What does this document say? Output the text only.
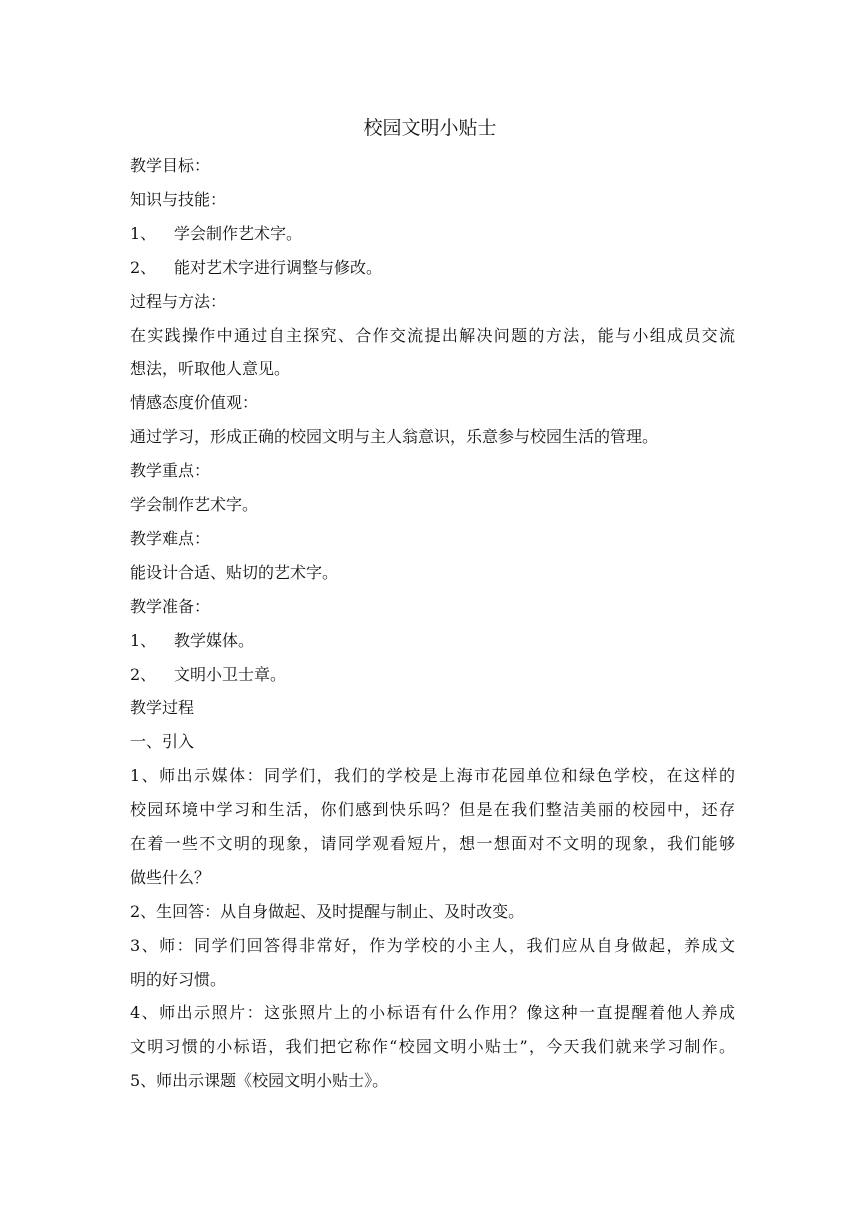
校园文明小贴士
教学目标：
知识与技能：
1、 学会制作艺术字。
2、 能对艺术字进行调整与修改。
过程与方法：
在实践操作中通过自主探究、合作交流提出解决问题的方法，能与小组成员交流
想法，听取他人意见。
情感态度价值观：
通过学习，形成正确的校园文明与主人翁意识，乐意参与校园生活的管理。
教学重点：
学会制作艺术字。
教学难点：
能设计合适、贴切的艺术字。
教学准备：
1、 教学媒体。
2、 文明小卫士章。
教学过程
一、引入
1、师出示媒体：同学们，我们的学校是上海市花园单位和绿色学校，在这样的
校园环境中学习和生活，你们感到快乐吗？但是在我们整洁美丽的校园中，还存
在着一些不文明的现象，请同学观看短片，想一想面对不文明的现象，我们能够
做些什么？
2、生回答：从自身做起、及时提醒与制止、及时改变。
3、师：同学们回答得非常好，作为学校的小主人，我们应从自身做起，养成文
明的好习惯。
4、师出示照片：这张照片上的小标语有什么作用？像这种一直提醒着他人养成
文明习惯的小标语，我们把它称作“校园文明小贴士”，今天我们就来学习制作。
5、师出示课题《校园文明小贴士》。
